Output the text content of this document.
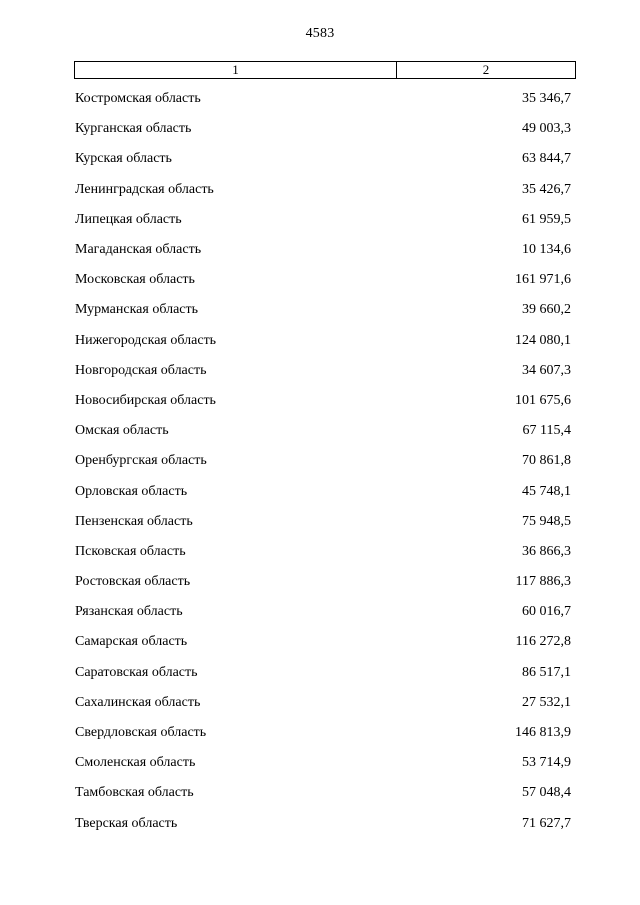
4583
1	2
Костромская область	35 346,7
Курганская область	49 003,3
Курская область	63 844,7
Ленинградская область	35 426,7
Липецкая область	61 959,5
Магаданская область	10 134,6
Московская область	161 971,6
Мурманская область	39 660,2
Нижегородская область	124 080,1
Новгородская область	34 607,3
Новосибирская область	101 675,6
Омская область	67 115,4
Оренбургская область	70 861,8
Орловская область	45 748,1
Пензенская область	75 948,5
Псковская область	36 866,3
Ростовская область	117 886,3
Рязанская область	60 016,7
Самарская область	116 272,8
Саратовская область	86 517,1
Сахалинская область	27 532,1
Свердловская область	146 813,9
Смоленская область	53 714,9
Тамбовская область	57 048,4
Тверская область	71 627,7
